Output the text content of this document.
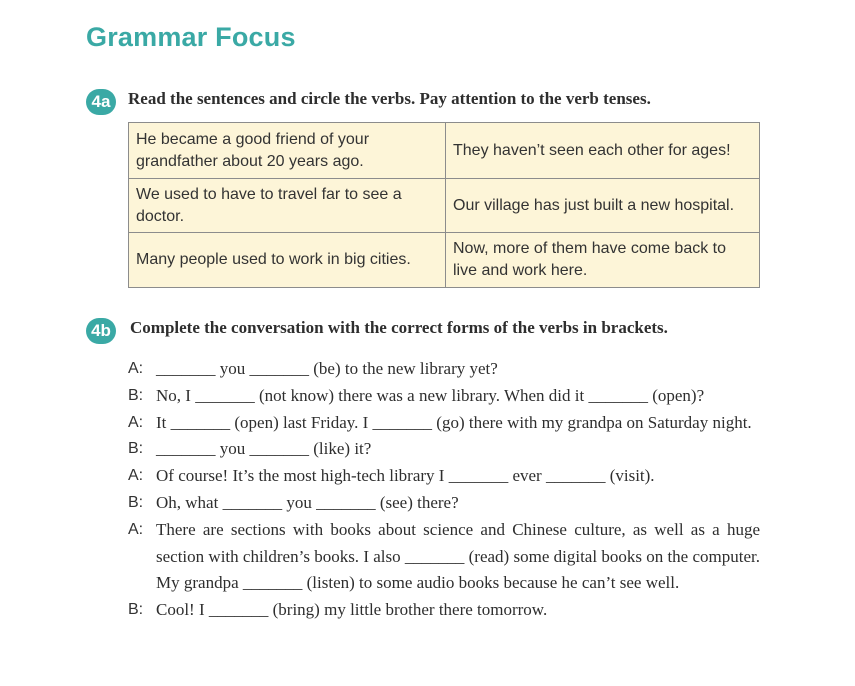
Grammar Focus
4a	Read the sentences and circle the verbs. Pay attention to the verb tenses.
He became a good friend of your grandfather about 20 years ago.	They haven’t seen each other for ages!
We used to have to travel far to see a doctor.	Our village has just built a new hospital.
Many people used to work in big cities.	Now, more of them have come back to live and work here.
4b Complete the conversation with the correct forms of the verbs in brackets.
A: _______ you _______ (be) to the new library yet?
B: No, I _______ (not know) there was a new library. When did it _______ (open)?
A: It _______ (open) last Friday. I _______ (go) there with my grandpa on Saturday night.
B: _______ you _______ (like) it?
A: Of course! It’s the most high-tech library I _______ ever _______ (visit).
B: Oh, what _______ you _______ (see) there?
A: There are sections with books about science and Chinese culture, as well as a huge section with children’s books. I also _______ (read) some digital books on the computer. My grandpa _______ (listen) to some audio books because he can’t see well.
B: Cool! I _______ (bring) my little brother there tomorrow.
